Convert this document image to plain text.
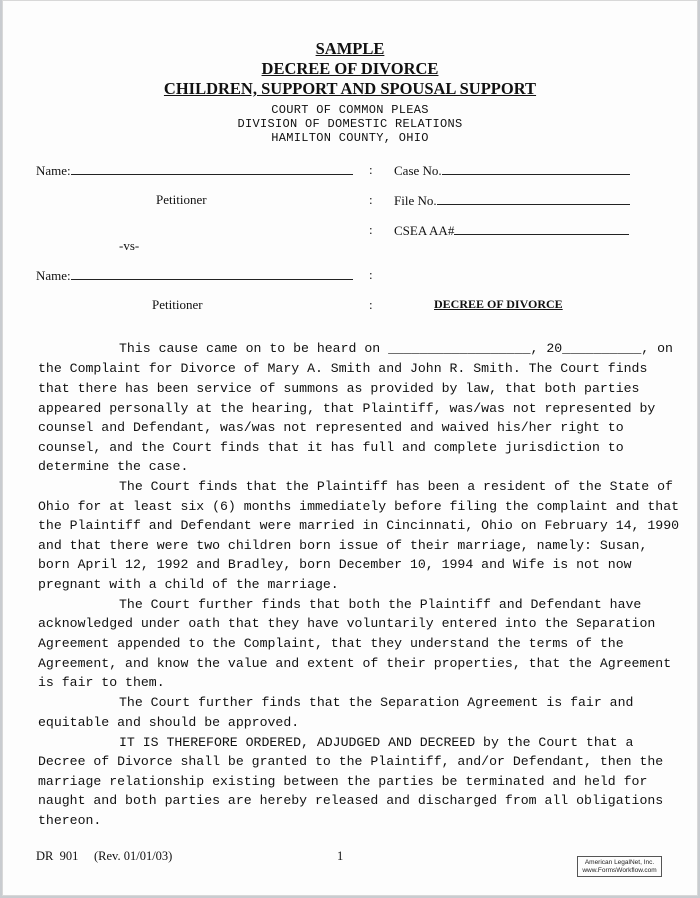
SAMPLE
DECREE OF DIVORCE
CHILDREN, SUPPORT AND SPOUSAL SUPPORT
COURT OF COMMON PLEAS
DIVISION OF DOMESTIC RELATIONS
HAMILTON COUNTY, OHIO
Name:
Petitioner
-vs-
Name:
Petitioner
:
:
:
:
:
Case No.
File No.
CSEA AA#
DECREE OF DIVORCE
This cause came on to be heard on __________________, 20__________, on
the Complaint for Divorce of Mary A. Smith and John R. Smith. The Court finds
that there has been service of summons as provided by law, that both parties
appeared personally at the hearing, that Plaintiff, was/was not represented by
counsel and Defendant, was/was not represented and waived his/her right to
counsel, and the Court finds that it has full and complete jurisdiction to
determine the case.
The Court finds that the Plaintiff has been a resident of the State of
Ohio for at least six (6) months immediately before filing the complaint and that
the Plaintiff and Defendant were married in Cincinnati, Ohio on February 14, 1990
and that there were two children born issue of their marriage, namely: Susan,
born April 12, 1992 and Bradley, born December 10, 1994 and Wife is not now
pregnant with a child of the marriage.
The Court further finds that both the Plaintiff and Defendant have
acknowledged under oath that they have voluntarily entered into the Separation
Agreement appended to the Complaint, that they understand the terms of the
Agreement, and know the value and extent of their properties, that the Agreement
is fair to them.
The Court further finds that the Separation Agreement is fair and
equitable and should be approved.
IT IS THEREFORE ORDERED, ADJUDGED AND DECREED by the Court that a
Decree of Divorce shall be granted to the Plaintiff, and/or Defendant, then the
marriage relationship existing between the parties be terminated and held for
naught and both parties are hereby released and discharged from all obligations
thereon.
DR  901     (Rev. 01/01/03)	1	American LegalNet, Inc.
www.FormsWorkflow.com
